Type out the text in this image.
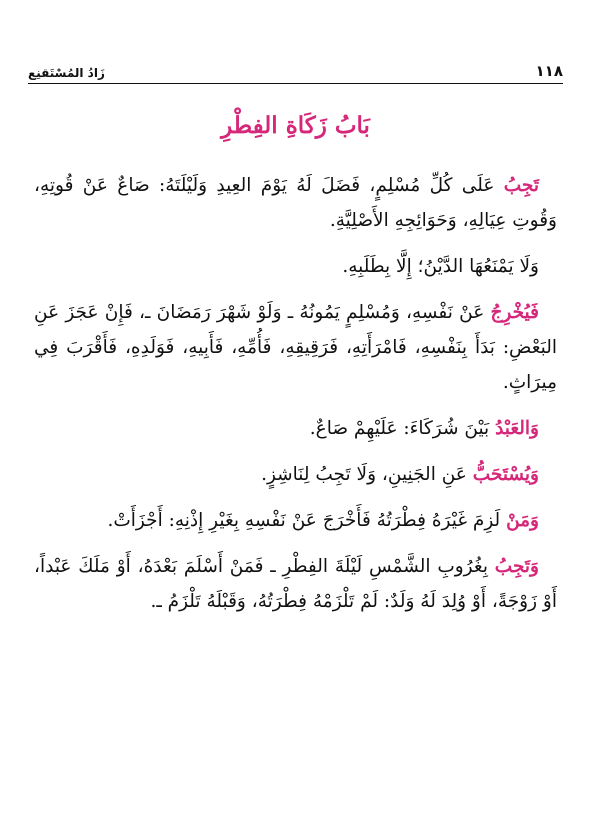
١١٨
زَادُ المُسْتَقنِع
بَابُ زَكَاةِ الفِطْرِ

تَجِبُ عَلَى كُلِّ مُسْلِمٍ، فَضَلَ لَهُ يَوْمَ العِيدِ وَلَيْلَتَهُ: صَاعٌ عَنْ قُوتِهِ، وَقُوتِ عِيَالِهِ، وَحَوَائِجِهِ الأَصْلِيَّةِ.

وَلَا يَمْنَعُهَا الدَّيْنُ؛ إِلَّا بِطَلَبِهِ.

فَيُخْرِجُ عَنْ نَفْسِهِ، وَمُسْلِمٍ يَمُونُهُ ـ وَلَوْ شَهْرَ رَمَضَانَ ـ، فَإِنْ عَجَزَ عَنِ البَعْضِ: بَدَأَ بِنَفْسِهِ، فَامْرَأَتِهِ، فَرَقِيقِهِ، فَأُمِّهِ، فَأَبِيهِ، فَوَلَدِهِ، فَأَقْرَبَ فِي مِيرَاثٍ.

وَالعَبْدُ بَيْنَ شُرَكَاءَ: عَلَيْهِمْ صَاعٌ.

وَيُسْتَحَبُّ عَنِ الجَنِينِ، وَلَا تَجِبُ لِنَاشِزٍ.

وَمَنْ لَزِمَ غَيْرَهُ فِطْرَتُهُ فَأَخْرَجَ عَنْ نَفْسِهِ بِغَيْرِ إِذْنِهِ: أَجْزَأَتْ.

وَتَجِبُ بِغُرُوبِ الشَّمْسِ لَيْلَةَ الفِطْرِ ـ فَمَنْ أَسْلَمَ بَعْدَهُ، أَوْ مَلَكَ عَبْداً، أَوْ زَوْجَةً، أَوْ وُلِدَ لَهُ وَلَدٌ: لَمْ تَلْزَمْهُ فِطْرَتُهُ، وَقَبْلَهُ تَلْزَمُ ـ.
